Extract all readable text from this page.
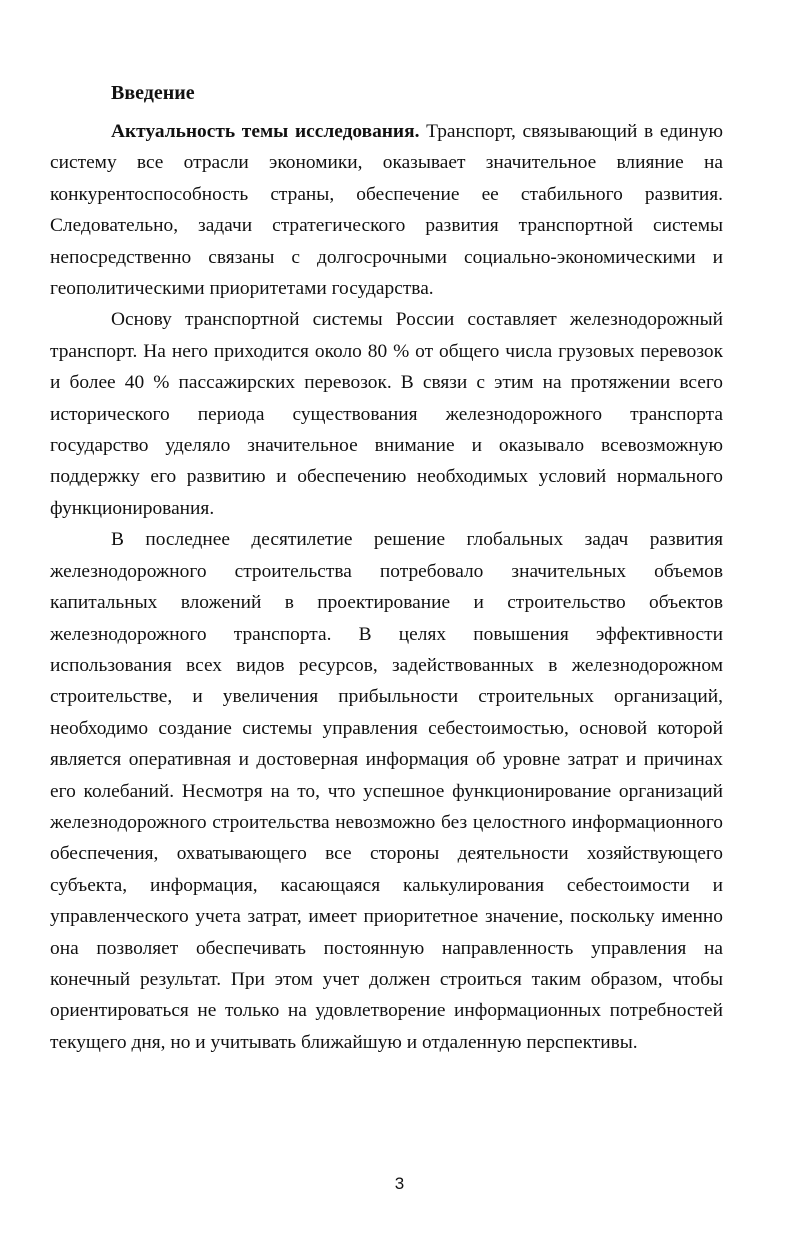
Введение

Актуальность темы исследования. Транспорт, связывающий в единую систему все отрасли экономики, оказывает значительное влияние на конкурентоспособность страны, обеспечение ее стабильного развития. Следовательно, задачи стратегического развития транспортной системы непосредственно связаны с долгосрочными социально-экономическими и геополитическими приоритетами государства.

Основу транспортной системы России составляет железнодорожный транспорт. На него приходится около 80 % от общего числа грузовых перевозок и более 40 % пассажирских перевозок. В связи с этим на протяжении всего исторического периода существования железнодорожного транспорта государство уделяло значительное внимание и оказывало всевозможную поддержку его развитию и обеспечению необходимых условий нормального функционирования.

В последнее десятилетие решение глобальных задач развития железнодорожного строительства потребовало значительных объемов капитальных вложений в проектирование и строительство объектов железнодорожного транспорта. В целях повышения эффективности использования всех видов ресурсов, задействованных в железнодорожном строительстве, и увеличения прибыльности строительных организаций, необходимо создание системы управления себестоимостью, основой которой является оперативная и достоверная информация об уровне затрат и причинах его колебаний. Несмотря на то, что успешное функционирование организаций железнодорожного строительства невозможно без целостного информационного обеспечения, охватывающего все стороны деятельности хозяйствующего субъекта, информация, касающаяся калькулирования себестоимости и управленческого учета затрат, имеет приоритетное значение, поскольку именно она позволяет обеспечивать постоянную направленность управления на конечный результат. При этом учет должен строиться таким образом, чтобы ориентироваться не только на удовлетворение информационных потребностей текущего дня, но и учитывать ближайшую и отдаленную перспективы.

3
